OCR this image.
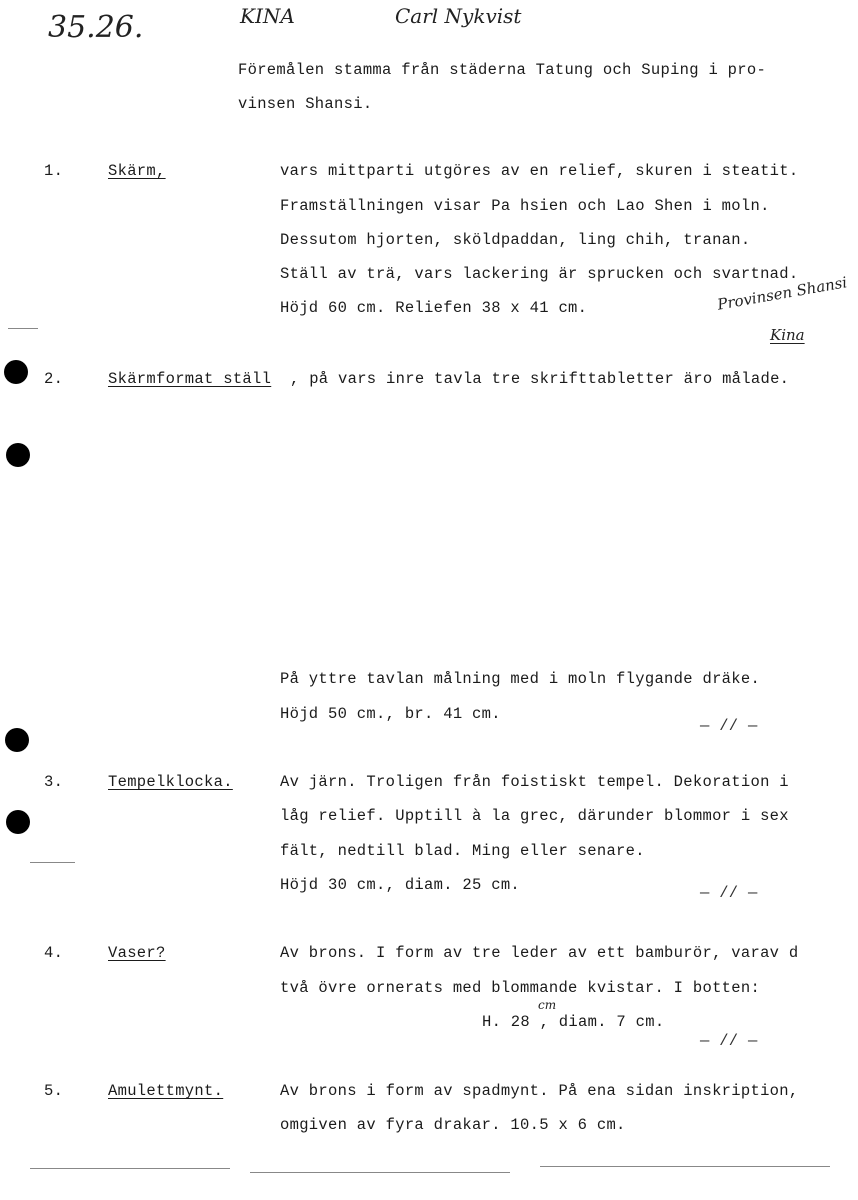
35.26.	KINA	Carl Nykvist
Föremålen stamma från städerna Tatung och Suping i pro-
vinsen Shansi.
1.	Skärm,	vars mittparti utgöres av en relief, skuren i steatit.
Framställningen visar Pa hsien och Lao Shen i moln.
Dessutom hjorten, sköldpaddan, ling chih, tranan.
Ställ av trä, vars lackering är sprucken och svartnad.
Höjd 60 cm. Reliefen 38 x 41 cm.	Provinsen Shansi
Kina
2.	Skärmformat ställ , på vars inre tavla tre skrifttabletter äro målade.
På yttre tavlan målning med i moln flygande dräke.
Höjd 50 cm., br. 41 cm.
— // —
3.	Tempelklocka.	Av järn. Troligen från foistiskt tempel. Dekoration i
låg relief. Upptill à la grec, därunder blommor i sex
fält, nedtill blad. Ming eller senare.
Höjd 30 cm., diam. 25 cm.	— // —
4.	Vaser?	Av brons. I form av tre leder av ett bamburör, varav d
två övre ornerats med blommande kvistar. I botten:
H. 28 , diam. 7 cm.
cm
— // —
5.	Amulettmynt.	Av brons i form av spadmynt. På ena sidan inskription,
omgiven av fyra drakar. 10.5 x 6 cm.
